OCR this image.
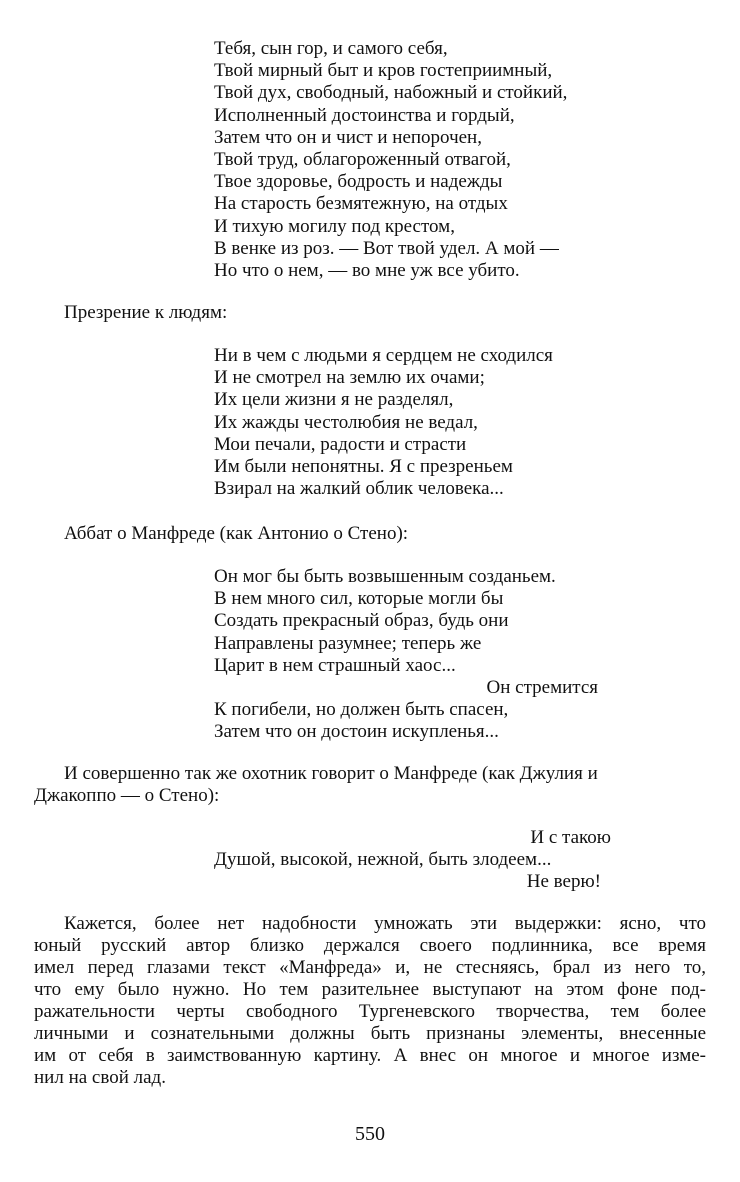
Тебя, сын гор, и самого себя,
Твой мирный быт и кров гостеприимный,
Твой дух, свободный, набожный и стойкий,
Исполненный достоинства и гордый,
Затем что он и чист и непорочен,
Твой труд, облагороженный отвагой,
Твое здоровье, бодрость и надежды
На старость безмятежную, на отдых
И тихую могилу под крестом,
В венке из роз. — Вот твой удел. А мой —
Но что о нем, — во мне уж все убито.
Презрение к людям:
Ни в чем с людьми я сердцем не сходился
И не смотрел на землю их очами;
Их цели жизни я не разделял,
Их жажды честолюбия не ведал,
Мои печали, радости и страсти
Им были непонятны. Я с презреньем
Взирал на жалкий облик человека...
Аббат о Манфреде (как Антонио о Стено):
Он мог бы быть возвышенным созданьем.
В нем много сил, которые могли бы
Создать прекрасный образ, будь они
Направлены разумнее; теперь же
Царит в нем страшный хаос...
Он стремится
К погибели, но должен быть спасен,
Затем что он достоин искупленья...
И совершенно так же охотник говорит о Манфреде (как Джулия и
Джакоппо — о Стено):
И с такою
Душой, высокой, нежной, быть злодеем...
Не верю!
Кажется, более нет надобности умножать эти выдержки: ясно, что
юный русский автор близко держался своего подлинника, все время
имел перед глазами текст «Манфреда» и, не стесняясь, брал из него то,
что ему было нужно. Но тем разительнее выступают на этом фоне под-
ражательности черты свободного Тургеневского творчества, тем более
личными и сознательными должны быть признаны элементы, внесенные
им от себя в заимствованную картину. А внес он многое и многое изме-
нил на свой лад.
550
